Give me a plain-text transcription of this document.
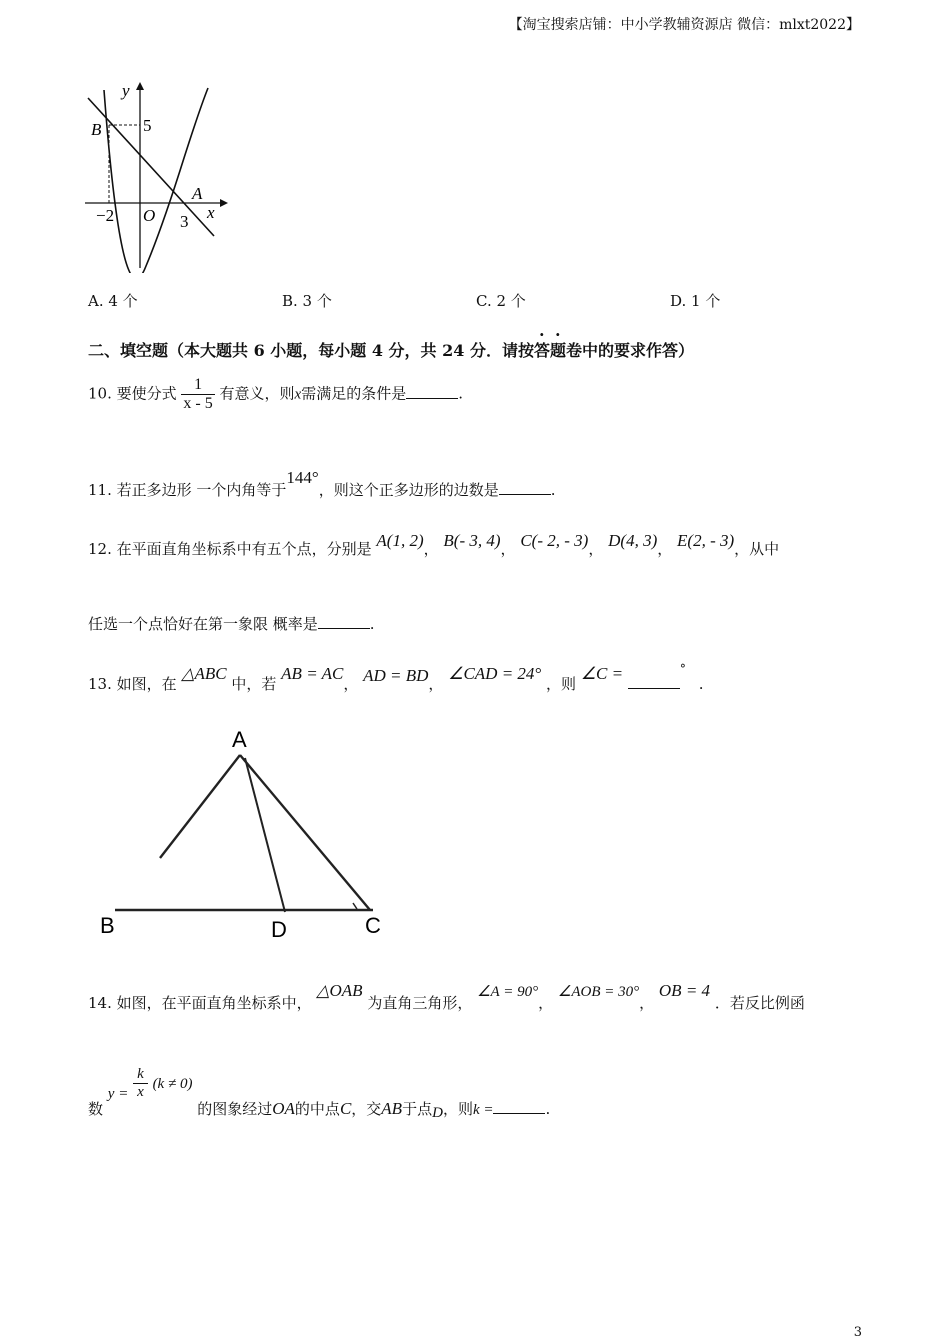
【淘宝搜索店铺：中小学教辅资源店 微信：mlxt2022】
y
5
B
A
x
−2 O 3
A. 4 个	B. 3 个	C. 2 个	D. 1 个
二、填空题（本大题共 6 小题，每小题 4 分，共 24 分．请按答题卷中的要求作答）
10. 要使分式 $\frac{1}{x - 5}$ 有意义，则x需满足的条件是	.
11. 若正多边形 一个内角等于144°，则这个正多边形的边数是	.
12. 在平面直角坐标系中有五个点，分别是 A(1, 2)， B(- 3, 4)， C(- 2, - 3)， D(4, 3)， E(2, - 3)，从中
任选一个点恰好在第一象限 概率是	.
13. 如图，在 △ABC 中，若 AB = AC， AD = BD， ∠CAD = 24° ，则 ∠C =	° .
A
B	D	C
14. 如图，在平面直角坐标系中， △OAB 为直角三角形， ∠A = 90°， ∠AOB = 30°， OB = 4 ．若反比例函
数 $y = \frac{k}{x} (k \ne 0)$ 的图象经过OA的中点C，交AB于点D，则k =	.
3
